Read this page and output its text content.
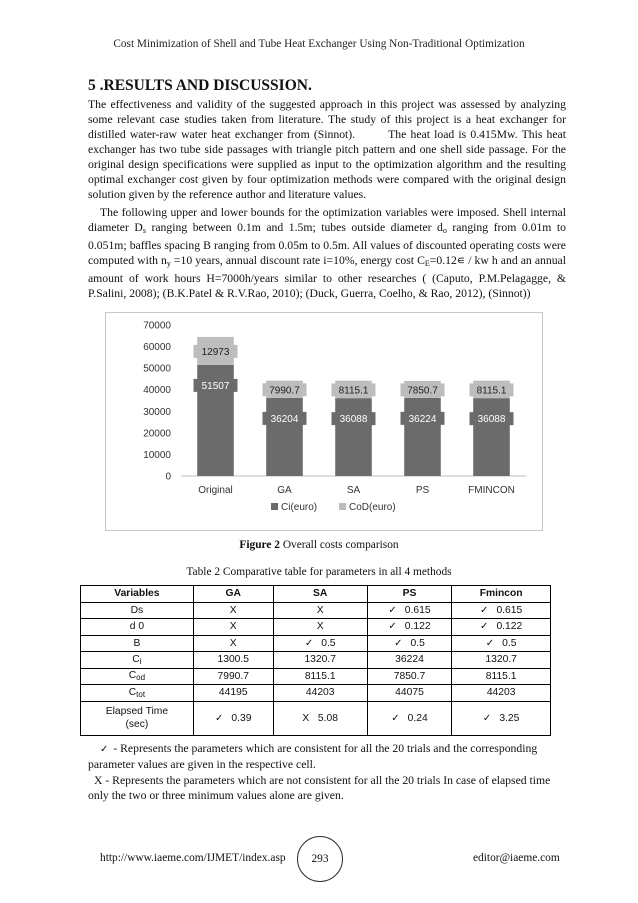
Cost Minimization of Shell and Tube Heat Exchanger Using Non-Traditional Optimization
5 .RESULTS AND DISCUSSION.

The effectiveness and validity of the suggested approach in this project was assessed by analyzing some relevant case studies taken from literature. The study of this project is a heat exchanger for distilled water-raw water heat exchanger from (Sinnot).	The heat load is 0.415Mw. This heat exchanger has two tube side passages with triangle pitch pattern and one shell side passage. For the original design specifications were supplied as input to the optimization algorithm and the resulting optimal exchanger cost given by four optimization methods were compared with the original design solution given by the reference author and literature values.

The following upper and lower bounds for the optimization variables were imposed. Shell internal diameter $D_s$ ranging between 0.1m and 1.5m; tubes outside diameter $d_o$ ranging from 0.01m to 0.051m; baffles spacing B ranging from 0.05m to 0.5m. All values of discounted operating costs were computed with $n_y =10$ years, annual discount rate i=10%, energy cost $C_E=0.12∊$ / kw h and an annual amount of work hours H=7000h/years similar to other researches ( (Caputo, P.M.Pelagagge, & P.Salini, 2008); (B.K.Patel & R.V.Rao, 2010); (Duck, Guerra, Coelho, & Rao, 2012), (Sinnot))

0
10000
20000
30000
40000
50000
60000
70000
51507
12973
Original
36204
7990.7
GA
36088
8115.1
SA
36224
7850.7
PS
36088
8115.1
FMINCON
Ci(euro)	CoD(euro)
Figure 2 Overall costs comparison
Table 2 Comparative table for parameters in all 4 methods
Variables	GA	SA	PS	Fmincon
Ds	X	X	✓ 0.615	✓ 0.615
d 0	X	X	✓ 0.122	✓ 0.122
B	X	✓ 0.5	✓ 0.5	✓ 0.5
$C_i$	1300.5	1320.7	36224	1320.7
$C_{od}$	7990.7	8115.1	7850.7	8115.1
$C_{tot}$	44195	44203	44075	44203
Elapsed Time
(sec)	✓ 0.39	X 5.08	✓ 0.24	✓ 3.25

✓ - Represents the parameters which are consistent for all the 20 trials and the corresponding parameter values are given in the respective cell.

X - Represents the parameters which are not consistent for all the 20 trials In case of elapsed time only the two or three minimum values alone are given.

http://www.iaeme.com/IJMET/index.asp	293	editor@iaeme.com
